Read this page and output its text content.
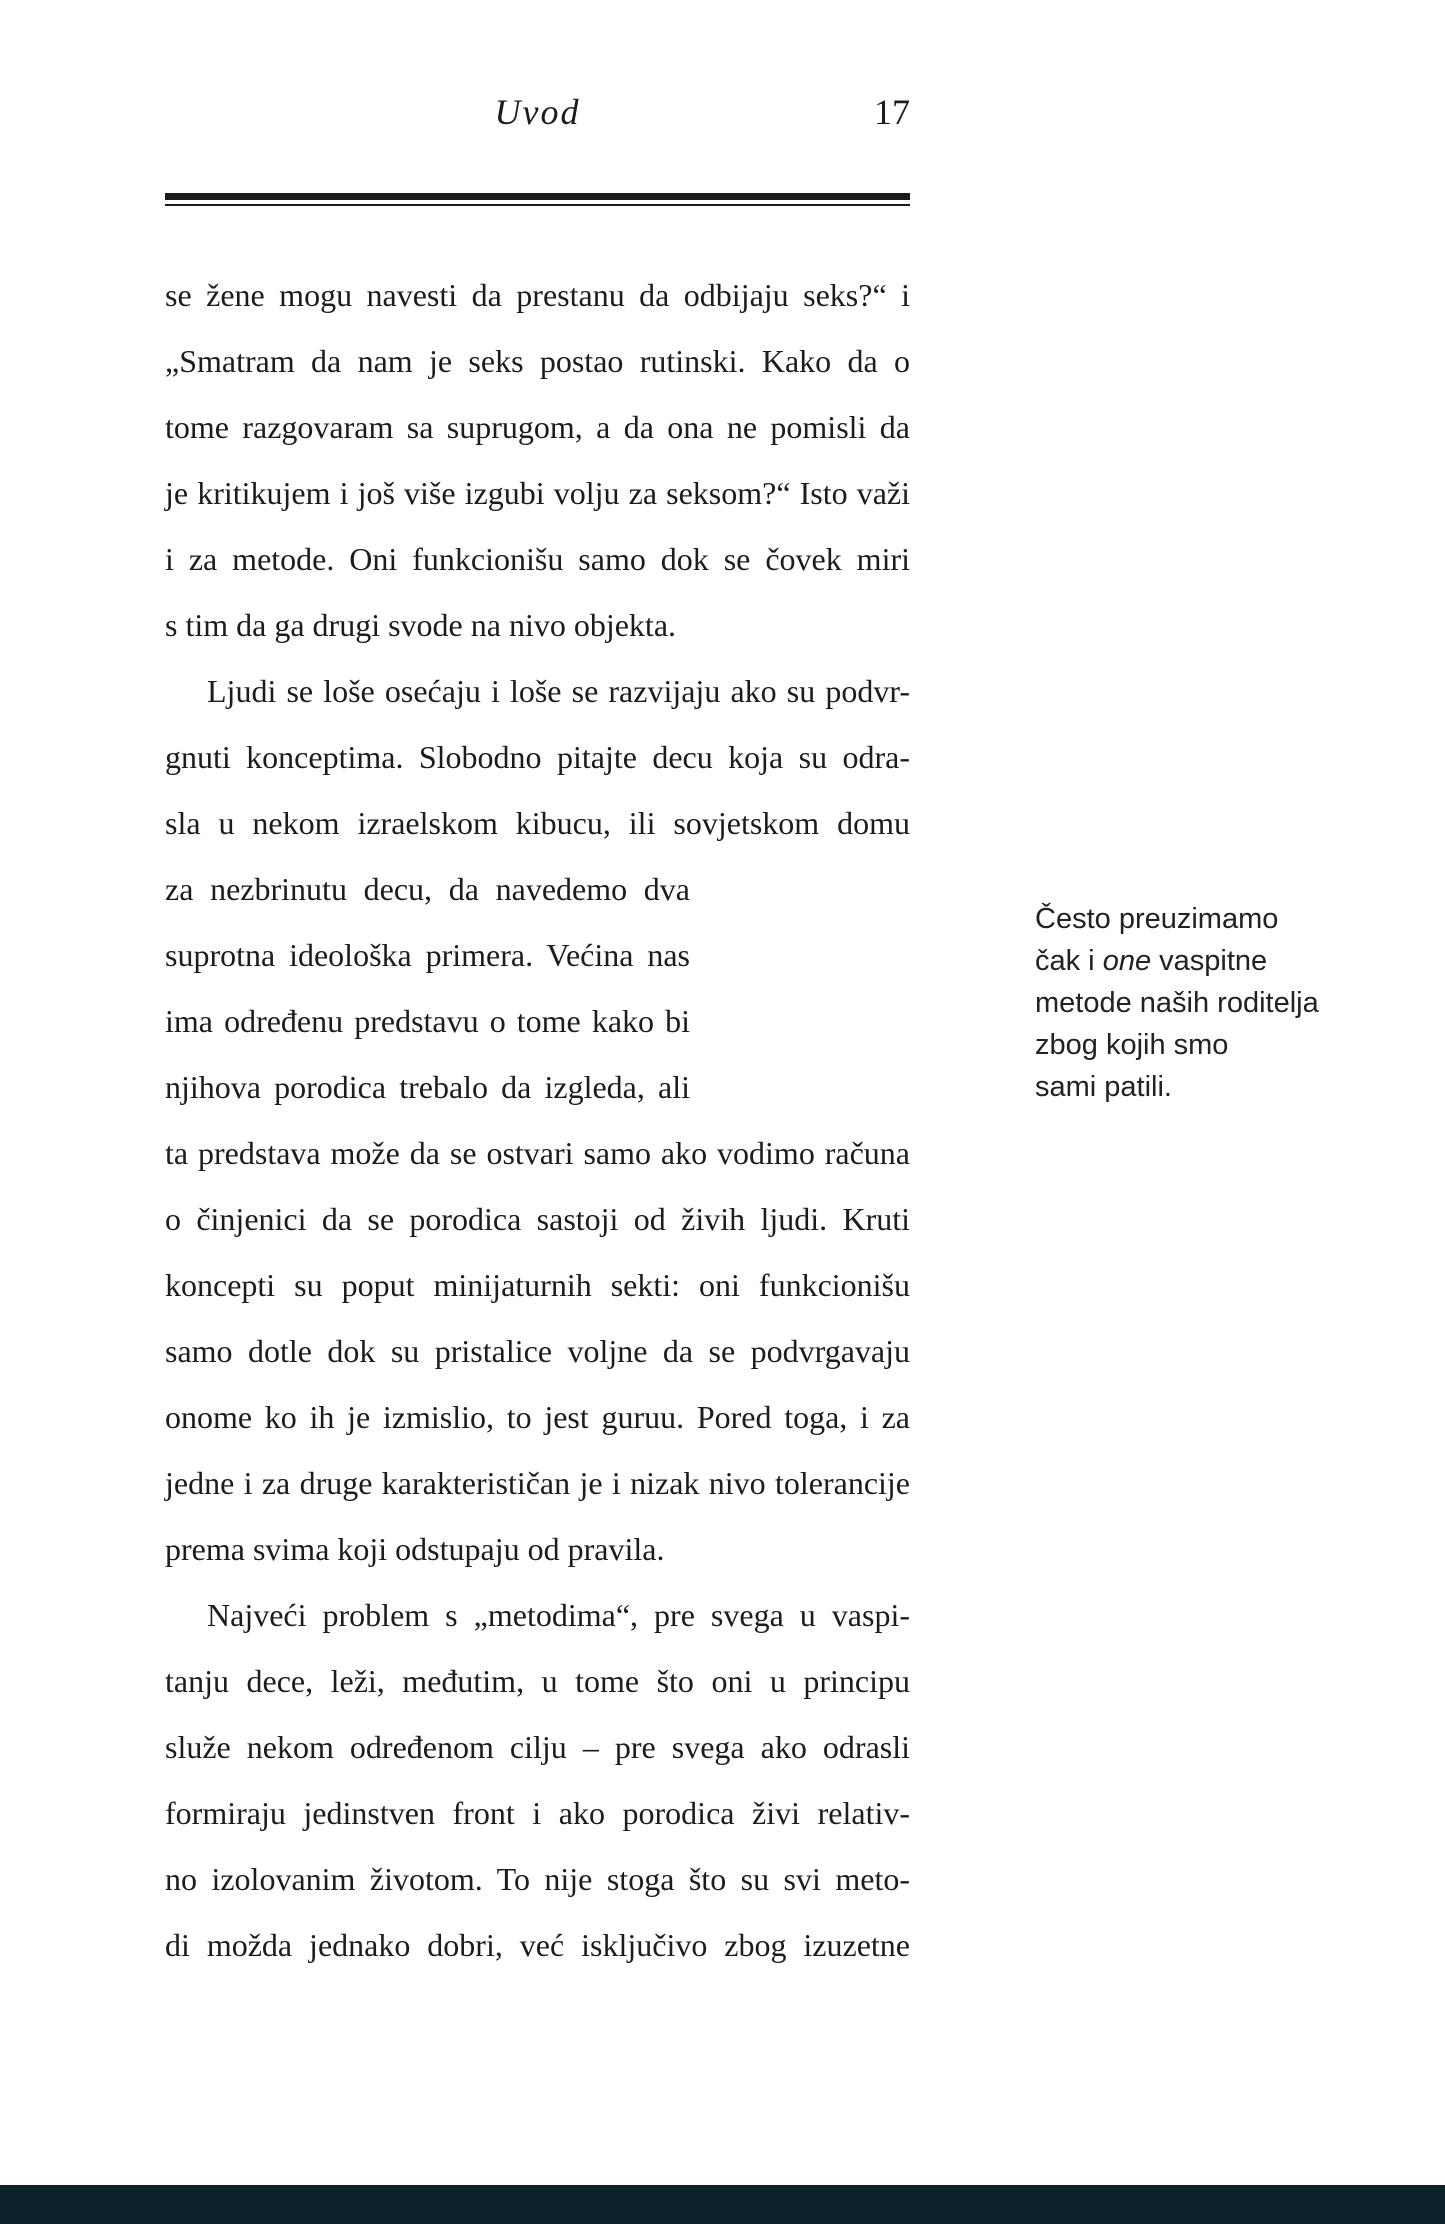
Uvod	17
se žene mogu navesti da prestanu da odbijaju seks?“ i
„Smatram da nam je seks postao rutinski. Kako da o
tome razgovaram sa suprugom, a da ona ne pomisli da
je kritikujem i još više izgubi volju za seksom?“ Isto važi
i za metode. Oni funkcionišu samo dok se čovek miri
s tim da ga drugi svode na nivo objekta.
Ljudi se loše osećaju i loše se razvijaju ako su podvr-
gnuti konceptima. Slobodno pitajte decu koja su odra-
sla u nekom izraelskom kibucu, ili sovjetskom domu
za nezbrinutu decu, da navedemo dva
suprotna ideološka primera. Većina nas
ima određenu predstavu o tome kako bi
njihova porodica trebalo da izgleda, ali
ta predstava može da se ostvari samo ako vodimo računa
o činjenici da se porodica sastoji od živih ljudi. Kruti
koncepti su poput minijaturnih sekti: oni funkcionišu
samo dotle dok su pristalice voljne da se podvrgavaju
onome ko ih je izmislio, to jest guruu. Pored toga, i za
jedne i za druge karakterističan je i nizak nivo tolerancije
prema svima koji odstupaju od pravila.
Najveći problem s „metodima“, pre svega u vaspi-
tanju dece, leži, međutim, u tome što oni u principu
služe nekom određenom cilju – pre svega ako odrasli
formiraju jedinstven front i ako porodica živi relativ-
no izolovanim životom. To nije stoga što su svi meto-
di možda jednako dobri, već isključivo zbog izuzetne
Često preuzimamo
čak i one vaspitne
metode naših roditelja
zbog kojih smo
sami patili.
